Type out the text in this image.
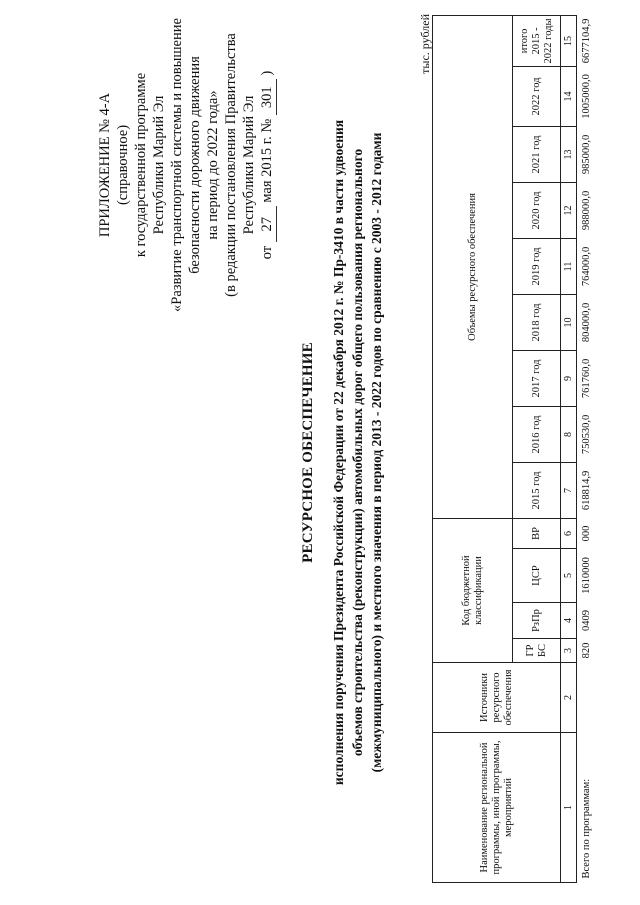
ПРИЛОЖЕНИЕ № 4-А (справочное) к государственной программе Республики Марий Эл «Развитие транспортной системы и повышение безопасности дорожного движения на период до 2022 года» (в редакции постановления Правительства Республики Марий Эл
от 27 мая 2015 г. № 301 )
РЕСУРСНОЕ ОБЕСПЕЧЕНИЕ исполнения поручения Президента Российской Федерации от 22 декабря 2012 г. № Пр-3410 в части удвоения объемов строительства (реконструкции) автомобильных дорог общего пользования регионального (межмуниципального) и местного значения в период 2013 - 2022 годов по сравнению с 2003 - 2012 годами
тыс. рублей
Наименование региональной программы, иной программы, мероприятий	Источники ресурсного обеспечения	Код бюджетной классификации				Объемы ресурсного обеспечения								
		ГР БС	РзПр	ЦСР	ВР	2015 год	2016 год	2017 год	2018 год	2019 год	2020 год	2021 год	2022 год	итого 2015 - 2022 годы
1	2	3	4	5	6	7	8	9	10	11	12	13	14	15
Всего по программам:		820	0409	1610000	000	618814,9	750530,0	761760,0	804000,0	764000,0	988000,0	985000,0	1005000,0	6677104,9
